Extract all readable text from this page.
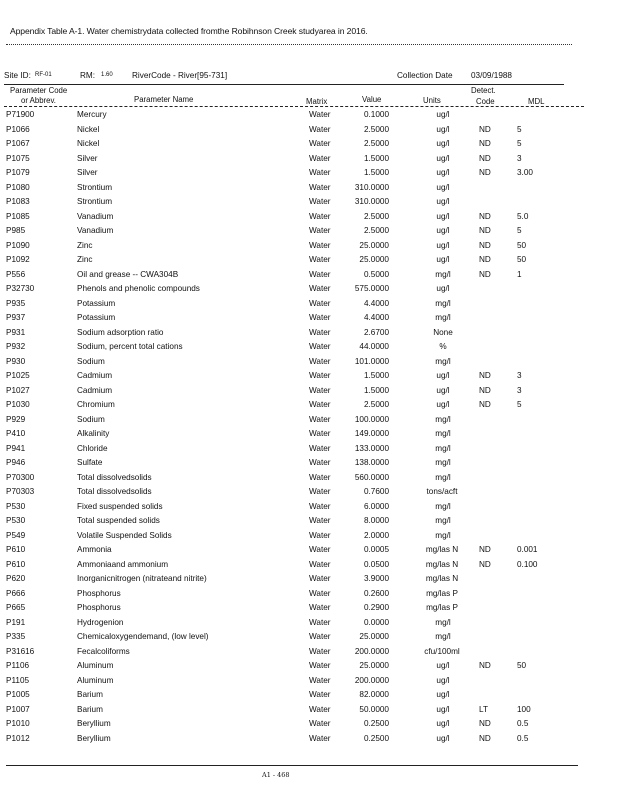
Appendix Table A-1. Water chemistrydata collected fromthe Robihnson Creek studyarea in 2016.
Site ID: RF-01	RM: 1.60 RiverCode - River[95-731]	Collection Date 03/09/1988
Parameter Code
or Abbrev.	Parameter Name	Matrix	Value	Units
Detect.
Code	MDL
P71900	Mercury	Water	0.1000	ug/l
P1066	Nickel	Water	2.5000	ug/l	ND	5
P1067	Nickel	Water	2.5000	ug/l	ND	5
P1075	Silver	Water	1.5000	ug/l	ND	3
P1079	Silver	Water	1.5000	ug/l	ND	3.00
P1080	Strontium	Water	310.0000	ug/l
P1083	Strontium	Water	310.0000	ug/l
P1085	Vanadium	Water	2.5000	ug/l	ND	5.0
P985	Vanadium	Water	2.5000	ug/l	ND	5
P1090	Zinc	Water	25.0000	ug/l	ND	50
P1092	Zinc	Water	25.0000	ug/l	ND	50
P556	Oil and grease -- CWA304B	Water	0.5000	mg/l	ND	1
P32730	Phenols and phenolic compounds	Water	575.0000	ug/l
P935	Potassium	Water	4.4000	mg/l
P937	Potassium	Water	4.4000	mg/l
P931	Sodium adsorption ratio	Water	2.6700	None
P932	Sodium, percent total cations	Water	44.0000	%
P930	Sodium	Water	101.0000	mg/l
P1025	Cadmium	Water	1.5000	ug/l	ND	3
P1027	Cadmium	Water	1.5000	ug/l	ND	3
P1030	Chromium	Water	2.5000	ug/l	ND	5
P929	Sodium	Water	100.0000	mg/l
P410	Alkalinity	Water	149.0000	mg/l
P941	Chloride	Water	133.0000	mg/l
P946	Sulfate	Water	138.0000	mg/l
P70300	Total dissolvedsolids	Water	560.0000	mg/l
P70303	Total dissolvedsolids	Water	0.7600	tons/acft
P530	Fixed suspended solids	Water	6.0000	mg/l
P530	Total suspended solids	Water	8.0000	mg/l
P549	Volatile Suspended Solids	Water	2.0000	mg/l
P610	Ammonia	Water	0.0005	mg/las N	ND	0.001
P610	Ammoniaand ammonium	Water	0.0500	mg/las N	ND	0.100
P620	Inorganicnitrogen (nitrateand nitrite)	Water	3.9000	mg/las N
P666	Phosphorus	Water	0.2600	mg/las P
P665	Phosphorus	Water	0.2900	mg/las P
P191	Hydrogenion	Water	0.0000	mg/l
P335	Chemicaloxygendemand, (low level)	Water	25.0000	mg/l
P31616	Fecalcoliforms	Water	200.0000	cfu/100ml
P1106	Aluminum	Water	25.0000	ug/l	ND	50
P1105	Aluminum	Water	200.0000	ug/l
P1005	Barium	Water	82.0000	ug/l
P1007	Barium	Water	50.0000	ug/l	LT	100
P1010	Beryllium	Water	0.2500	ug/l	ND	0.5
P1012	Beryllium	Water	0.2500	ug/l	ND	0.5
A1 - 468
